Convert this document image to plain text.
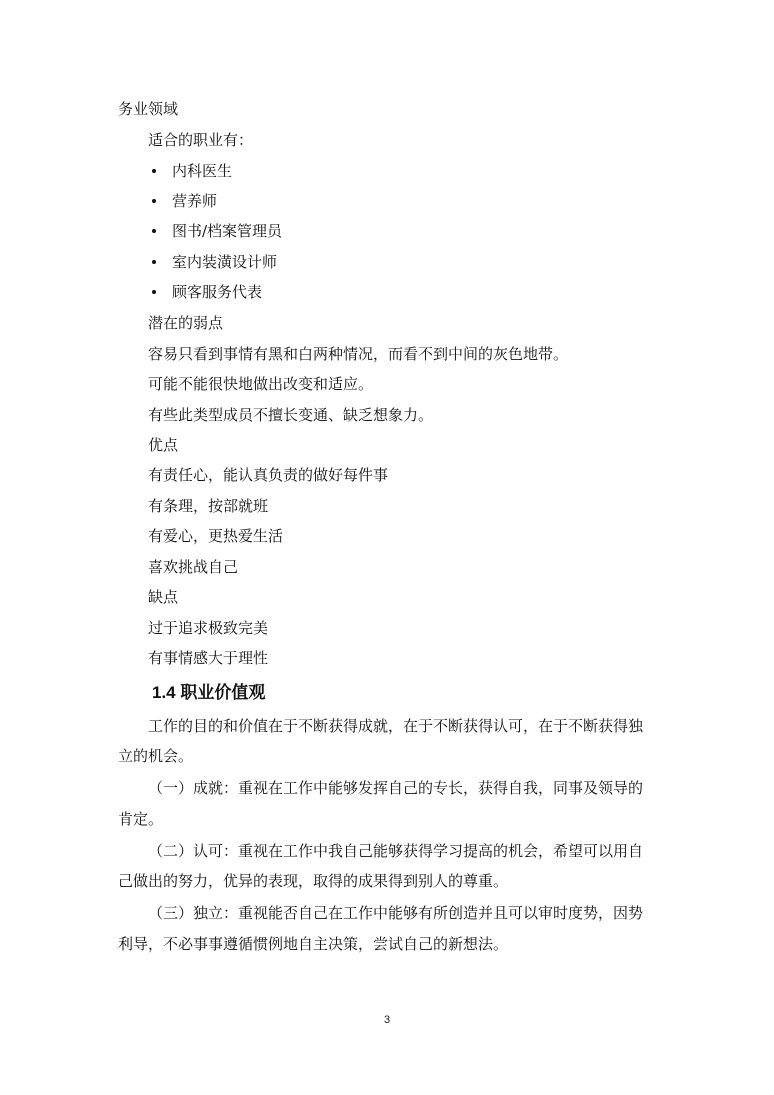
务业领域
适合的职业有：
内科医生
营养师
图书/档案管理员
室内装潢设计师
顾客服务代表
潜在的弱点
容易只看到事情有黑和白两种情况，而看不到中间的灰色地带。
可能不能很快地做出改变和适应。
有些此类型成员不擅长变通、缺乏想象力。
优点
有责任心，能认真负责的做好每件事
有条理，按部就班
有爱心，更热爱生活
喜欢挑战自己
缺点
过于追求极致完美
有事情感大于理性
1.4 职业价值观
工作的目的和价值在于不断获得成就，在于不断获得认可，在于不断获得独
立的机会。
（一）成就：重视在工作中能够发挥自己的专长，获得自我，同事及领导的
肯定。
（二）认可：重视在工作中我自己能够获得学习提高的机会，希望可以用自
己做出的努力，优异的表现，取得的成果得到别人的尊重。
（三）独立：重视能否自己在工作中能够有所创造并且可以审时度势，因势
利导，不必事事遵循惯例地自主决策，尝试自己的新想法。
3
